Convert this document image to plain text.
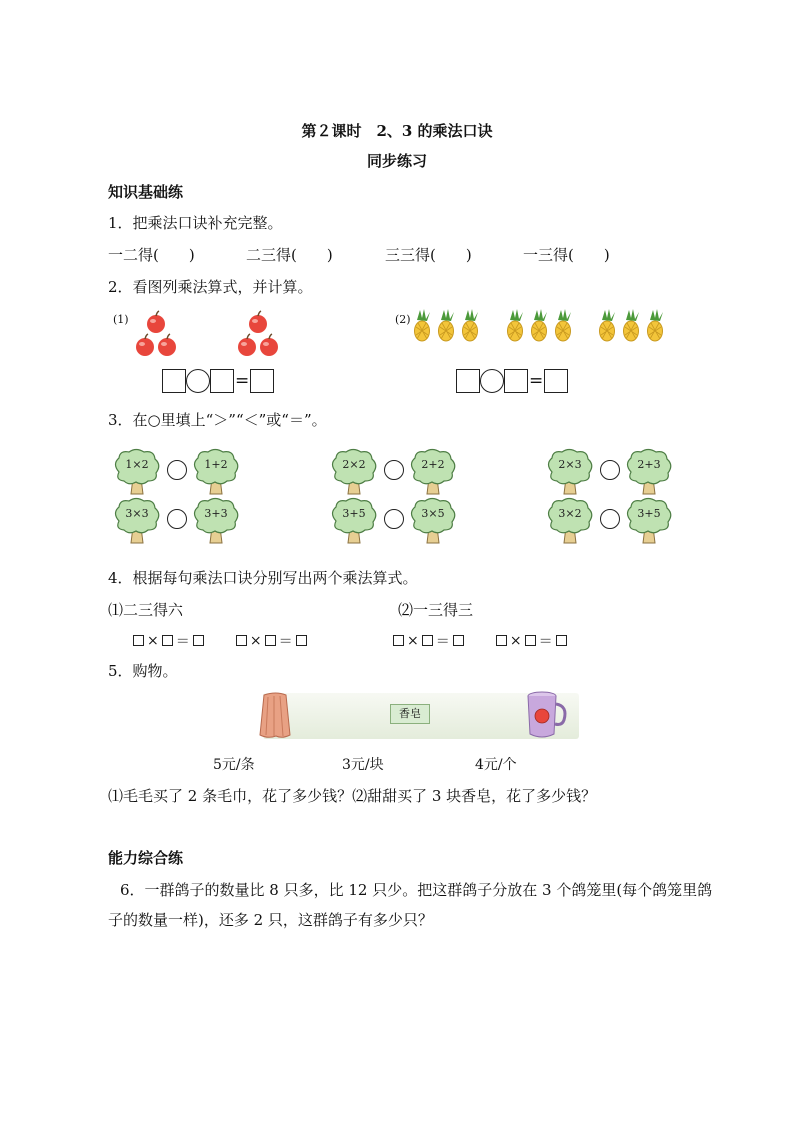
第２课时　2、3 的乘法口诀
同步练习
知识基础练
1．把乘法口诀补充完整。
一二得(　　)	二三得(　　)	三三得(　　)	一三得(　　)
2．看图列乘法算式，并计算。
(1)	(2)
=	=
3．在○里填上“＞”“＜”或“＝”。
1×2	1+2	2×2	2+2	2×3	2+3
3×3	3+3	3+5	3×5	3×2	3+5
4．根据每句乘法口诀分别写出两个乘法算式。
⑴二三得六	⑵一三得三
× ＝	× ＝	× ＝	× ＝
5．购物。
香皂
5元/条	3元/块	4元/个
⑴毛毛买了 2 条毛巾，花了多少钱？⑵甜甜买了 3 块香皂，花了多少钱？
能力综合练
6．一群鸽子的数量比 8 只多，比 12 只少。把这群鸽子分放在 3 个鸽笼里(每个鸽笼里鸽
子的数量一样)，还多 2 只，这群鸽子有多少只？
